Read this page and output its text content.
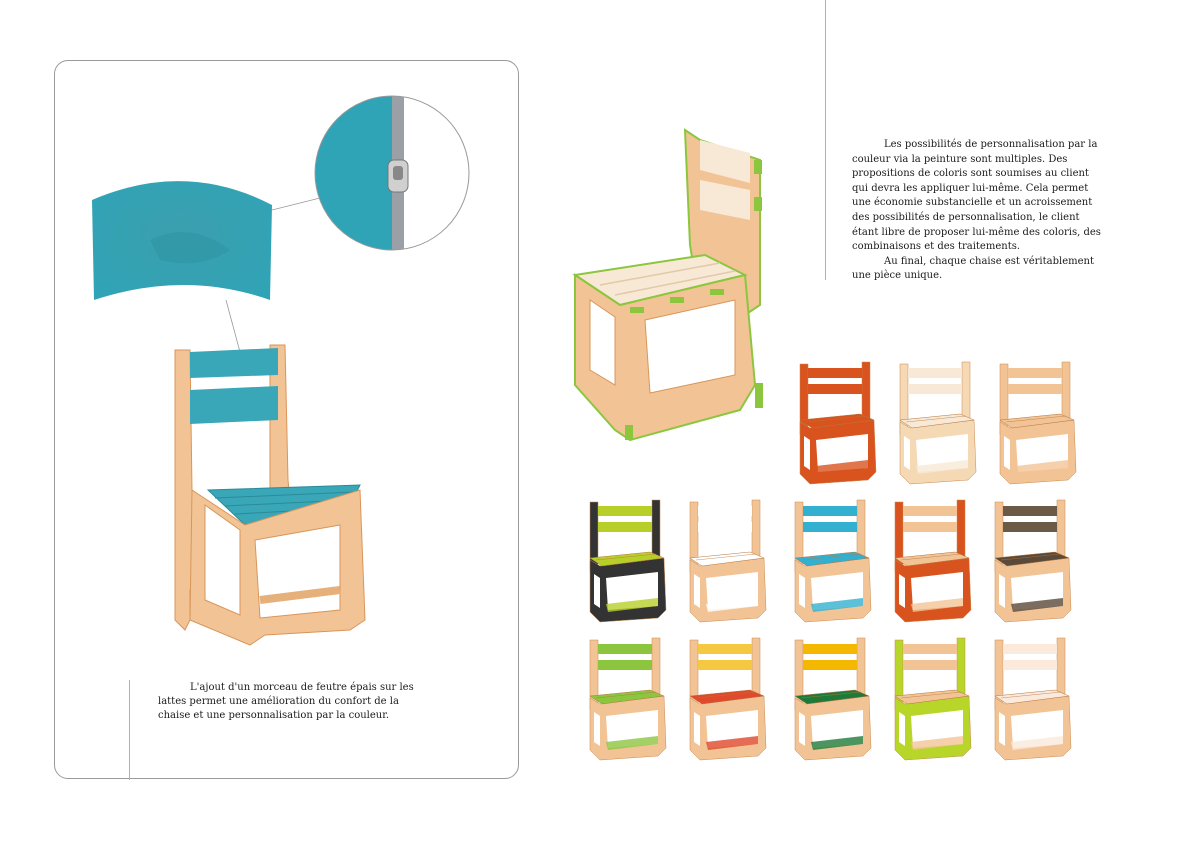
L'ajout d'un morceau de feutre épais sur les lattes permet une amélioration du confort de la chaise et une personnalisation par la couleur.

Les possibilités de personnalisation par la couleur via la peinture sont multiples. Des propositions de coloris sont soumises au client qui devra les appliquer lui-même. Cela permet une économie substancielle et un acroissement des possibilités de personnalisation, le client étant libre de proposer lui-même des coloris, des combinaisons et des traitements.

Au final, chaque chaise est véritablement une pièce unique.
